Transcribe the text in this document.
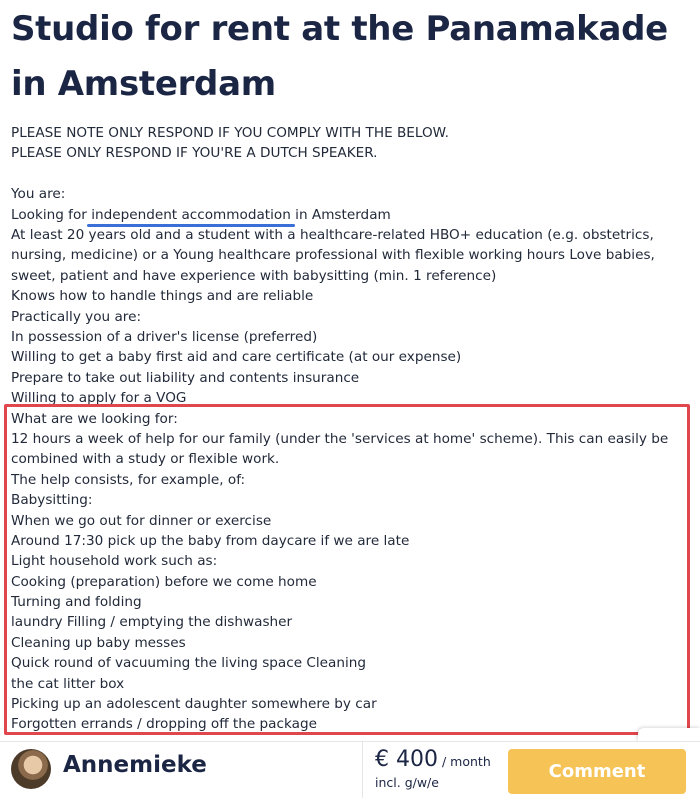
Studio for rent at the Panamakade in Amsterdam
PLEASE NOTE ONLY RESPOND IF YOU COMPLY WITH THE BELOW.
PLEASE ONLY RESPOND IF YOU'RE A DUTCH SPEAKER.
You are:
Looking for independent accommodation in Amsterdam
At least 20 years old and a student with a healthcare-related HBO+ education (e.g. obstetrics, nursing, medicine) or a Young healthcare professional with flexible working hours Love babies, sweet, patient and have experience with babysitting (min. 1 reference)
Knows how to handle things and are reliable
Practically you are:
In possession of a driver's license (preferred)
Willing to get a baby first aid and care certificate (at our expense)
Prepare to take out liability and contents insurance
Willing to apply for a VOG
What are we looking for:
12 hours a week of help for our family (under the 'services at home' scheme). This can easily be combined with a study or flexible work.
The help consists, for example, of:
Babysitting:
When we go out for dinner or exercise
Around 17:30 pick up the baby from daycare if we are late
Light household work such as:
Cooking (preparation) before we come home
Turning and folding
laundry Filling / emptying the dishwasher
Cleaning up baby messes
Quick round of vacuuming the living space Cleaning
the cat litter box
Picking up an adolescent daughter somewhere by car
Forgotten errands / dropping off the package
Annemieke	€ 400 / month
incl. g/w/e
Comment
